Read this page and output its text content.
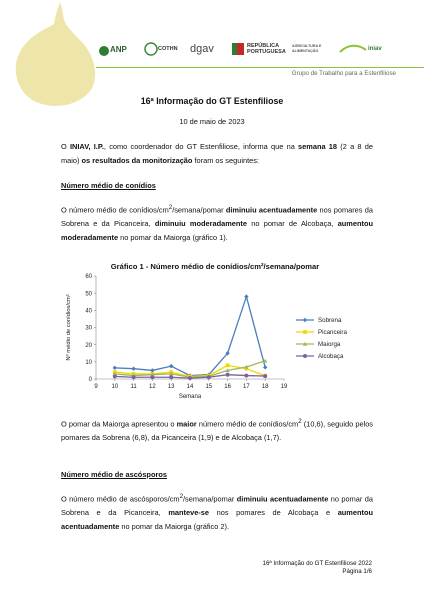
ANP	COTHN dgav	REPÚBLICA PORTUGUESA
AGRICULTURA E ALIMENTAÇÃO	iniav
Grupo de Trabalho para a Estenfiliose
16ª Informação do GT Estenfiliose
10 de maio de 2023
O INIAV, I.P., como coordenador do GT Estenfiliose, informa que na semana 18 (2 a 8 de maio) os resultados da monitorização foram os seguintes:
Número médio de conídios
O número médio de conídios/$cm^2/semana$/pomar diminuiu acentuadamente nos pomares da Sobrena e da Picanceira, diminuiu moderadamente no pomar de Alcobaça, aumentou moderadamente no pomar da Maiorga (gráfico 1).
Gráfico 1 - Número médio de conídios/cm²/semana/pomar
0
10
20
30
40
50
60
9 10 11 12 13 14 15 16 17 18 19
Semana
Nº médio de conídios/cm²	Sobrena
Picanceira
Maiorga
Alcobaça
O pomar da Maiorga apresentou o maior número médio de conídios/$cm^2$ (10,6), seguido pelos pomares da Sobrena (6,8), da Picanceira (1,9) e de Alcobaça (1,7).
Número médio de ascósporos
O número médio de ascósporos/$cm^2/semana$/pomar diminuiu acentuadamente no pomar da Sobrena e da Picanceira, manteve-se nos pomares de Alcobaça e aumentou acentuadamente no pomar da Maiorga (gráfico 2).
16ª Informação do GT Estenfiliose 2022
Página 1/6
